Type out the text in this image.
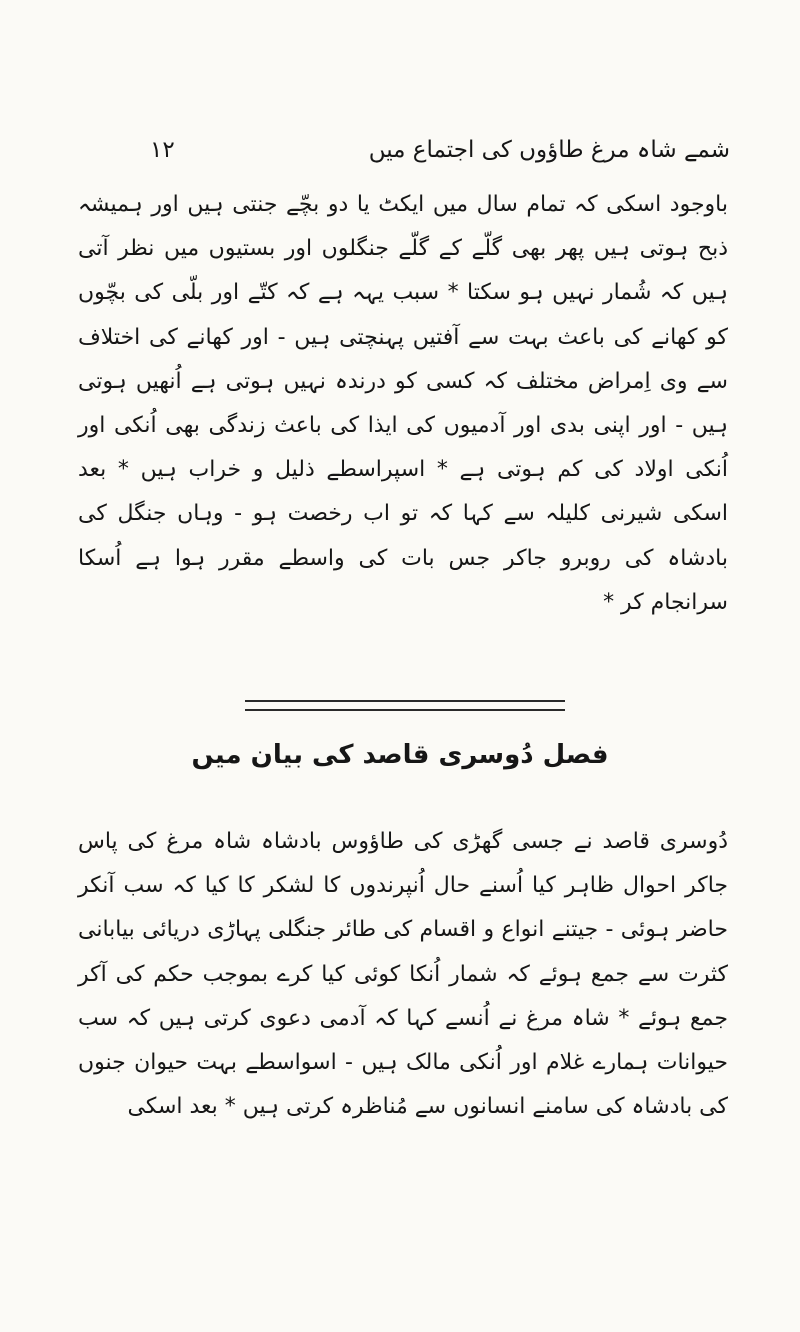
شمے شاہ مرغ طاؤوں کی اجتماع میں
۱۲
باوجود اسکی کہ تمام سال میں ایکٹ یا دو بچّے جنتی ہیں اور ہمیشہ ذبح ہوتی ہیں پھر بھی گلّے کے گلّے جنگلوں اور بستیوں میں نظر آتی ہیں کہ شُمار نہیں ہو سکتا * سبب یہہ ہے کہ کتّے اور بلّی کی بچّوں کو کھانے کی باعث بہت سے آفتیں پہنچتی ہیں - اور کھانے کی اختلاف سے وی اِمراض مختلف کہ کسی کو درندہ نہیں ہوتی ہے اُنھیں ہوتی ہیں - اور اپنی بدی اور آدمیوں کی ایذا کی باعث زندگی بھی اُنکی اور اُنکی اولاد کی کم ہوتی ہے * اسپراسطے ذلیل و خراب ہیں * بعد اسکی شیرنی کلیلہ سے کہا کہ تو اب رخصت ہو - وہاں جنگل کی بادشاہ کی روبرو جاکر جس بات کی واسطے مقرر ہوا ہے اُسکا سرانجام کر *
فصل دُوسری قاصد کی بیان میں
دُوسری قاصد نے جسی گھڑی کی طاؤوس بادشاہ شاہ مرغ کی پاس جاکر احوال ظاہر کیا اُسنے حال اُنپرندوں کا لشکر کا کیا کہ سب آنکر حاضر ہوئی - جیتنے انواع و اقسام کی طائر جنگلی پہاڑی دریائی بیابانی کثرت سے جمع ہوئے کہ شمار اُنکا کوئی کیا کرے بموجب حکم کی آکر جمع ہوئے * شاہ مرغ نے اُنسے کہا کہ آدمی دعوی کرتی ہیں کہ سب حیوانات ہمارے غلام اور اُنکی مالک ہیں - اسواسطے بہت حیوان جنوں کی بادشاہ کی سامنے انسانوں سے مُناظرہ کرتی ہیں * بعد اسکی
